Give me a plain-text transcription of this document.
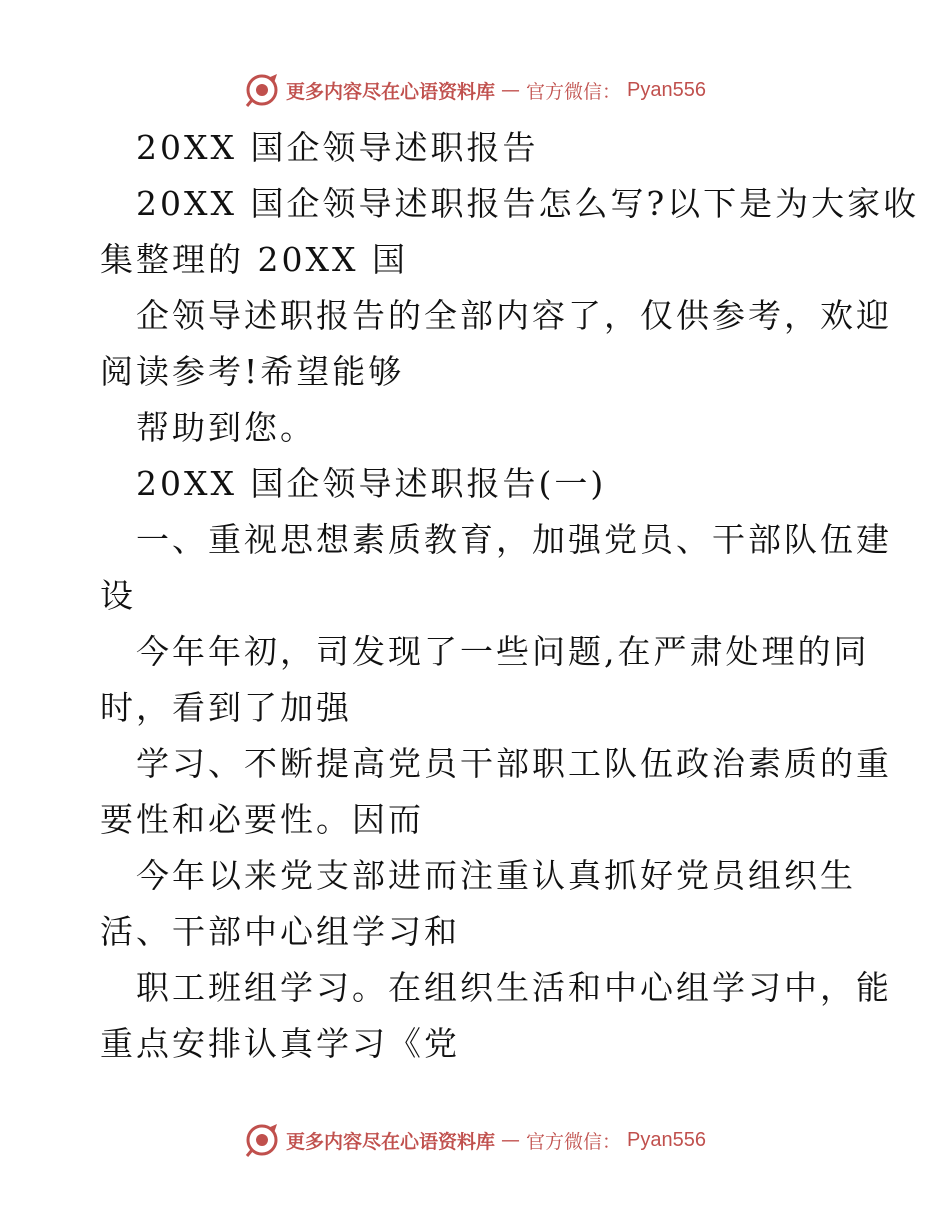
更多内容尽在心语资料库 — 官方微信： Pyan556
20XX 国企领导述职报告
20XX 国企领导述职报告怎么写?以下是为大家收
集整理的 20XX 国
企领导述职报告的全部内容了，仅供参考，欢迎
阅读参考!希望能够
帮助到您。
20XX 国企领导述职报告(一)
一、重视思想素质教育，加强党员、干部队伍建
设
今年年初，司发现了一些问题,在严肃处理的同
时，看到了加强
学习、不断提高党员干部职工队伍政治素质的重
要性和必要性。因而
今年以来党支部进而注重认真抓好党员组织生
活、干部中心组学习和
职工班组学习。在组织生活和中心组学习中，能
重点安排认真学习《党
更多内容尽在心语资料库 — 官方微信： Pyan556
